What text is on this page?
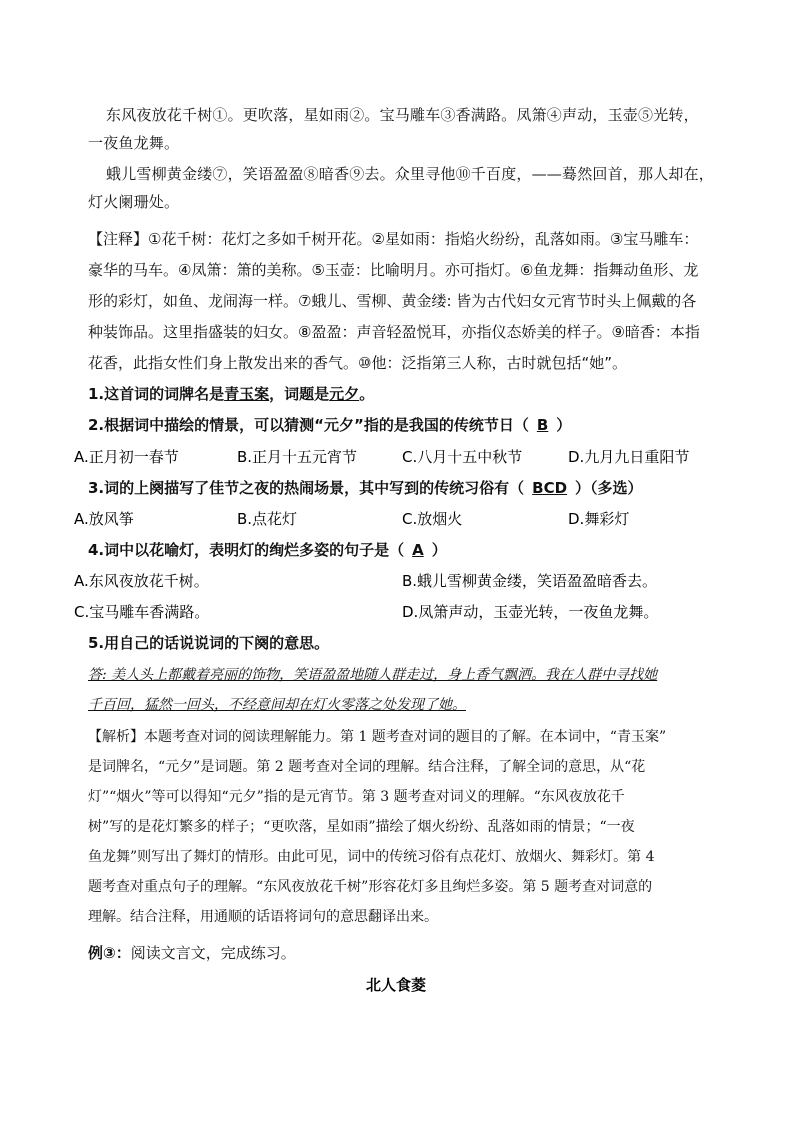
东风夜放花千树①。更吹落，星如雨②。宝马雕车③香满路。凤箫④声动，玉壶⑤光转，
一夜鱼龙舞。
蛾儿雪柳黄金缕⑦，笑语盈盈⑧暗香⑨去。众里寻他⑩千百度，——蓦然回首，那人却在，
灯火阑珊处。
【注释】①花千树：花灯之多如千树开花。②星如雨：指焰火纷纷，乱落如雨。③宝马雕车：
豪华的马车。④凤箫：箫的美称。⑤玉壶：比喻明月。亦可指灯。⑥鱼龙舞：指舞动鱼形、龙
形的彩灯，如鱼、龙闹海一样。⑦蛾儿、雪柳、黄金缕: 皆为古代妇女元宵节时头上佩戴的各
种装饰品。这里指盛装的妇女。⑧盈盈：声音轻盈悦耳，亦指仪态娇美的样子。⑨暗香：本指
花香，此指女性们身上散发出来的香气。⑩他：泛指第三人称，古时就包括“她”。
1.这首词的词牌名是青玉案，词题是元夕。
2.根据词中描绘的情景，可以猜测“元夕”指的是我国的传统节日（ B ）
A.正月初一春节	B.正月十五元宵节	C.八月十五中秋节	D.九月九日重阳节
3.词的上阕描写了佳节之夜的热闹场景，其中写到的传统习俗有（ BCD ）（多选）
A.放风筝	B.点花灯	C.放烟火	D.舞彩灯
4.词中以花喻灯，表明灯的绚烂多姿的句子是（ A ）
A.东风夜放花千树。	B.蛾儿雪柳黄金缕，笑语盈盈暗香去。
C.宝马雕车香满路。	D.凤箫声动，玉壶光转，一夜鱼龙舞。
5.用自己的话说说词的下阕的意思。
答: 美人头上都戴着亮丽的饰物，笑语盈盈地随人群走过，身上香气飘洒。我在人群中寻找她
千百回，猛然一回头，不经意间却在灯火零落之处发现了她。
【解析】本题考查对词的阅读理解能力。第 1 题考查对词的题目的了解。在本词中，“青玉案”
是词牌名，“元夕”是词题。第 2 题考查对全词的理解。结合注释，了解全词的意思，从“花
灯”“烟火”等可以得知“元夕”指的是元宵节。第 3 题考查对词义的理解。“东风夜放花千
树”写的是花灯繁多的样子；“更吹落，星如雨”描绘了烟火纷纷、乱落如雨的情景；“一夜
鱼龙舞”则写出了舞灯的情形。由此可见，词中的传统习俗有点花灯、放烟火、舞彩灯。第 4
题考查对重点句子的理解。“东风夜放花千树”形容花灯多且绚烂多姿。第 5 题考查对词意的
理解。结合注释，用通顺的话语将词句的意思翻译出来。
例③：阅读文言文，完成练习。
北人食菱
